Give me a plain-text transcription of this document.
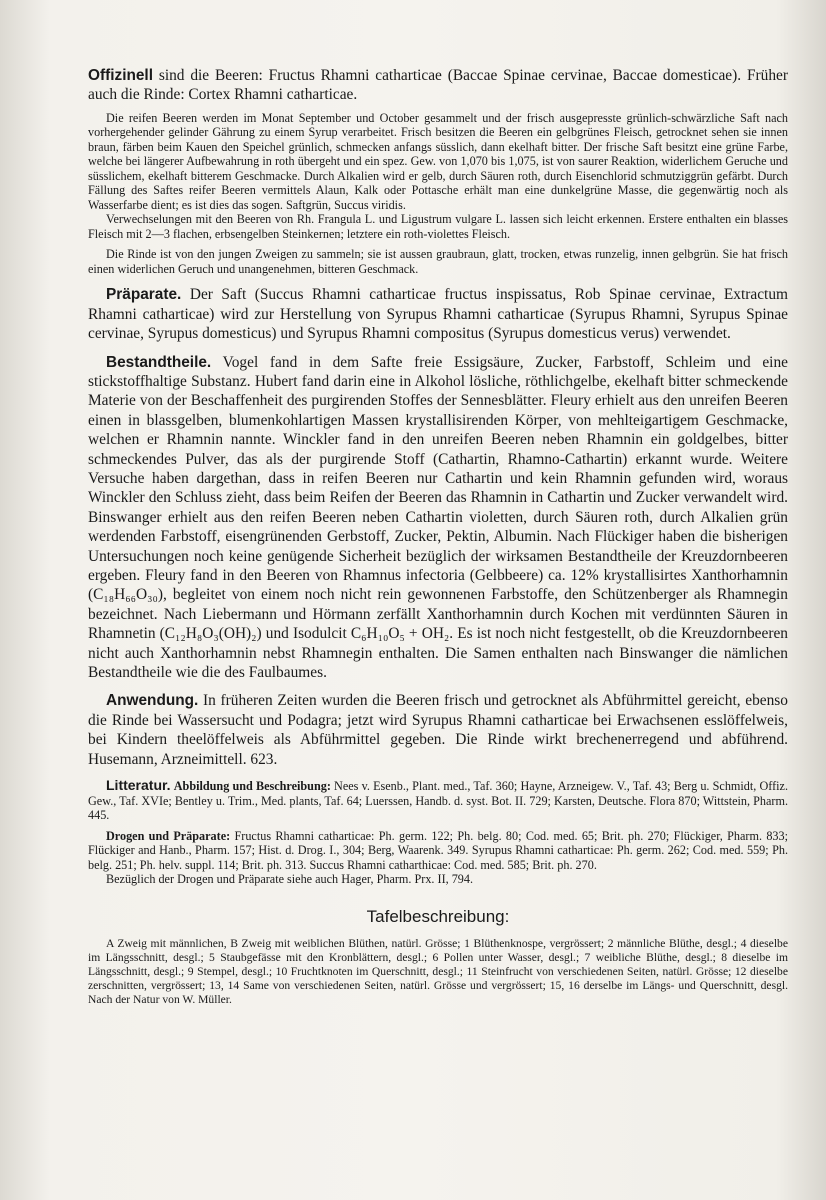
Offizinell sind die Beeren: Fructus Rhamni catharticae (Baccae Spinae cervinae, Baccae domesticae). Früher auch die Rinde: Cortex Rhamni catharticae.

Die reifen Beeren werden im Monat September und October gesammelt und der frisch ausgepresste grünlich-schwärzliche Saft nach vorhergehender gelinder Gährung zu einem Syrup verarbeitet. Frisch besitzen die Beeren ein gelbgrünes Fleisch, getrocknet sehen sie innen braun, färben beim Kauen den Speichel grünlich, schmecken anfangs süsslich, dann ekelhaft bitter. Der frische Saft besitzt eine grüne Farbe, welche bei längerer Aufbewahrung in roth übergeht und ein spez. Gew. von 1,070 bis 1,075, ist von saurer Reaktion, widerlichem Geruche und süsslichem, ekelhaft bitterem Geschmacke. Durch Alkalien wird er gelb, durch Säuren roth, durch Eisenchlorid schmutziggrün gefärbt. Durch Fällung des Saftes reifer Beeren vermittels Alaun, Kalk oder Pottasche erhält man eine dunkelgrüne Masse, die gegenwärtig noch als Wasserfarbe dient; es ist dies das sogen. Saftgrün, Succus viridis.

Verwechselungen mit den Beeren von Rh. Frangula L. und Ligustrum vulgare L. lassen sich leicht erkennen. Erstere enthalten ein blasses Fleisch mit 2—3 flachen, erbsengelben Steinkernen; letztere ein roth-violettes Fleisch.

Die Rinde ist von den jungen Zweigen zu sammeln; sie ist aussen graubraun, glatt, trocken, etwas runzelig, innen gelbgrün. Sie hat frisch einen widerlichen Geruch und unangenehmen, bitteren Geschmack.

Präparate. Der Saft (Succus Rhamni catharticae fructus inspissatus, Rob Spinae cervinae, Extractum Rhamni catharticae) wird zur Herstellung von Syrupus Rhamni catharticae (Syrupus Rhamni, Syrupus Spinae cervinae, Syrupus domesticus) und Syrupus Rhamni compositus (Syrupus domesticus verus) verwendet.

Bestandtheile. Vogel fand in dem Safte freie Essigsäure, Zucker, Farbstoff, Schleim und eine stickstoffhaltige Substanz. Hubert fand darin eine in Alkohol lösliche, röthlichgelbe, ekelhaft bitter schmeckende Materie von der Beschaffenheit des purgirenden Stoffes der Sennesblätter. Fleury erhielt aus den unreifen Beeren einen in blassgelben, blumenkohlartigen Massen krystallisirenden Körper, von mehlteigartigem Geschmacke, welchen er Rhamnin nannte. Winckler fand in den unreifen Beeren neben Rhamnin ein goldgelbes, bitter schmeckendes Pulver, das als der purgirende Stoff (Cathartin, Rhamno-Cathartin) erkannt wurde. Weitere Versuche haben dargethan, dass in reifen Beeren nur Cathartin und kein Rhamnin gefunden wird, woraus Winckler den Schluss zieht, dass beim Reifen der Beeren das Rhamnin in Cathartin und Zucker verwandelt wird. Binswanger erhielt aus den reifen Beeren neben Cathartin violetten, durch Säuren roth, durch Alkalien grün werdenden Farbstoff, eisengrünenden Gerbstoff, Zucker, Pektin, Albumin. Nach Flückiger haben die bisherigen Untersuchungen noch keine genügende Sicherheit bezüglich der wirksamen Bestandtheile der Kreuzdornbeeren ergeben. Fleury fand in den Beeren von Rhamnus infectoria (Gelbbeere) ca. 12% krystallisirtes Xanthorhamnin (C₁₈H₆₆O₃₀), begleitet von einem noch nicht rein gewonnenen Farbstoffe, den Schützenberger als Rhamnegin bezeichnet. Nach Liebermann und Hörmann zerfällt Xanthorhamnin durch Kochen mit verdünnten Säuren in Rhamnetin (C₁₂H₈O₃(OH)₂) und Isodulcit C₆H₁₀O₅ + OH₂. Es ist noch nicht festgestellt, ob die Kreuzdornbeeren nicht auch Xanthorhamnin nebst Rhamnegin enthalten. Die Samen enthalten nach Binswanger die nämlichen Bestandtheile wie die des Faulbaumes.

Anwendung. In früheren Zeiten wurden die Beeren frisch und getrocknet als Abführmittel gereicht, ebenso die Rinde bei Wassersucht und Podagra; jetzt wird Syrupus Rhamni catharticae bei Erwachsenen esslöffelweis, bei Kindern theelöffelweis als Abführmittel gegeben. Die Rinde wirkt brechenerregend und abführend. Husemann, Arzneimittell. 623.

Litteratur. Abbildung und Beschreibung: Nees v. Esenb., Plant. med., Taf. 360; Hayne, Arzneigew. V., Taf. 43; Berg u. Schmidt, Offiz. Gew., Taf. XVIe; Bentley u. Trim., Med. plants, Taf. 64; Luerssen, Handb. d. syst. Bot. II. 729; Karsten, Deutsche. Flora 870; Wittstein, Pharm. 445.

Drogen und Präparate: Fructus Rhamni catharticae: Ph. germ. 122; Ph. belg. 80; Cod. med. 65; Brit. ph. 270; Flückiger, Pharm. 833; Flückiger and Hanb., Pharm. 157; Hist. d. Drog. I., 304; Berg, Waarenk. 349. Syrupus Rhamni catharticae: Ph. germ. 262; Cod. med. 559; Ph. belg. 251; Ph. helv. suppl. 114; Brit. ph. 313. Succus Rhamni catharthicae: Cod. med. 585; Brit. ph. 270.

Bezüglich der Drogen und Präparate siehe auch Hager, Pharm. Prx. II, 794.

Tafelbeschreibung:

A Zweig mit männlichen, B Zweig mit weiblichen Blüthen, natürl. Grösse; 1 Blüthenknospe, vergrössert; 2 männliche Blüthe, desgl.; 4 dieselbe im Längsschnitt, desgl.; 5 Staubgefässe mit den Kronblättern, desgl.; 6 Pollen unter Wasser, desgl.; 7 weibliche Blüthe, desgl.; 8 dieselbe im Längsschnitt, desgl.; 9 Stempel, desgl.; 10 Fruchtknoten im Querschnitt, desgl.; 11 Steinfrucht von verschiedenen Seiten, natürl. Grösse; 12 dieselbe zerschnitten, vergrössert; 13, 14 Same von verschiedenen Seiten, natürl. Grösse und vergrössert; 15, 16 derselbe im Längs- und Querschnitt, desgl. Nach der Natur von W. Müller.
